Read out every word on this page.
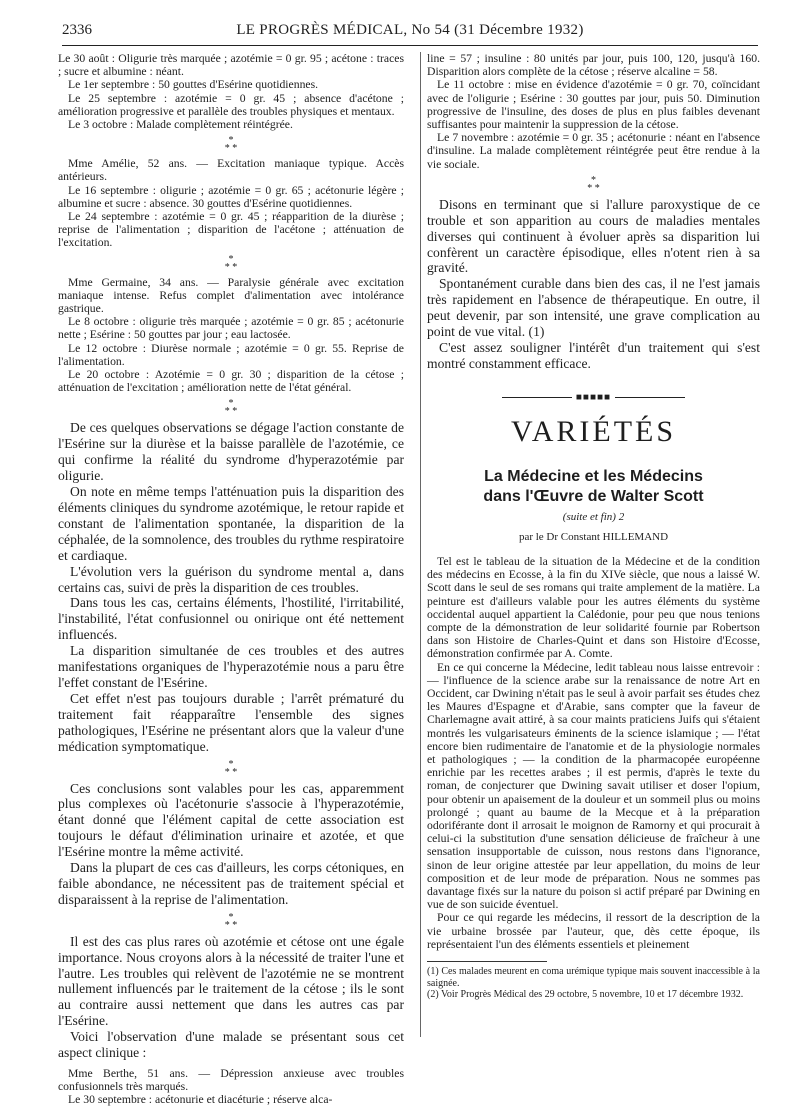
2336	LE PROGRÈS MÉDICAL, No 54 (31 Décembre 1932)

Le 30 août : Oligurie très marquée ; azotémie = 0 gr. 95 ; acétone : traces ; sucre et albumine : néant.

Le 1er septembre : 50 gouttes d'Esérine quotidiennes.

Le 25 septembre : azotémie = 0 gr. 45 ; absence d'acétone ; amélioration progressive et parallèle des troubles physiques et mentaux.

Le 3 octobre : Malade complètement réintégrée.

*
* *

Mme Amélie, 52 ans. — Excitation maniaque typique. Accès antérieurs.

Le 16 septembre : oligurie ; azotémie = 0 gr. 65 ; acétonurie légère ; albumine et sucre : absence. 30 gouttes d'Esérine quotidiennes.

Le 24 septembre : azotémie = 0 gr. 45 ; réapparition de la diurèse ; reprise de l'alimentation ; disparition de l'acétone ; atténuation de l'excitation.

*
* *

Mme Germaine, 34 ans. — Paralysie générale avec excitation maniaque intense. Refus complet d'alimentation avec intolérance gastrique.

Le 8 octobre : oligurie très marquée ; azotémie = 0 gr. 85 ; acétonurie nette ; Esérine : 50 gouttes par jour ; eau lactosée.

Le 12 octobre : Diurèse normale ; azotémie = 0 gr. 55. Reprise de l'alimentation.

Le 20 octobre : Azotémie = 0 gr. 30 ; disparition de la cétose ; atténuation de l'excitation ; amélioration nette de l'état général.

*
* *

De ces quelques observations se dégage l'action constante de l'Esérine sur la diurèse et la baisse parallèle de l'azotémie, ce qui confirme la réalité du syndrome d'hyperazotémie par oligurie.

On note en même temps l'atténuation puis la disparition des éléments cliniques du syndrome azotémique, le retour rapide et constant de l'alimentation spontanée, la disparition de la céphalée, de la somnolence, des troubles du rythme respiratoire et cardiaque.

L'évolution vers la guérison du syndrome mental a, dans certains cas, suivi de près la disparition de ces troubles.

Dans tous les cas, certains éléments, l'hostilité, l'irritabilité, l'instabilité, l'état confusionnel ou onirique ont été nettement influencés.

La disparition simultanée de ces troubles et des autres manifestations organiques de l'hyperazotémie nous a paru être l'effet constant de l'Esérine.

Cet effet n'est pas toujours durable ; l'arrêt prématuré du traitement fait réapparaître l'ensemble des signes pathologiques, l'Esérine ne présentant alors que la valeur d'une médication symptomatique.

*
* *

Ces conclusions sont valables pour les cas, apparemment plus complexes où l'acétonurie s'associe à l'hyperazotémie, étant donné que l'élément capital de cette association est toujours le défaut d'élimination urinaire et azotée, et que l'Esérine montre la même activité.

Dans la plupart de ces cas d'ailleurs, les corps cétoniques, en faible abondance, ne nécessitent pas de traitement spécial et disparaissent à la reprise de l'alimentation.

*
* *

Il est des cas plus rares où azotémie et cétose ont une égale importance. Nous croyons alors à la nécessité de traiter l'une et l'autre. Les troubles qui relèvent de l'azotémie ne se montrent nullement influencés par le traitement de la cétose ; ils le sont au contraire aussi nettement que dans les autres cas par l'Esérine.

Voici l'observation d'une malade se présentant sous cet aspect clinique :

Mme Berthe, 51 ans. — Dépression anxieuse avec troubles confusionnels très marqués.

Le 30 septembre : acétonurie et diacéturie ; réserve alca-

line = 57 ; insuline : 80 unités par jour, puis 100, 120, jusqu'à 160. Disparition alors complète de la cétose ; réserve alcaline = 58.

Le 11 octobre : mise en évidence d'azotémie = 0 gr. 70, coïncidant avec de l'oligurie ; Esérine : 30 gouttes par jour, puis 50. Diminution progressive de l'insuline, des doses de plus en plus faibles devenant suffisantes pour maintenir la suppression de la cétose.

Le 7 novembre : azotémie = 0 gr. 35 ; acétonurie : néant en l'absence d'insuline. La malade complètement réintégrée peut être rendue à la vie sociale.

*
* *

Disons en terminant que si l'allure paroxystique de ce trouble et son apparition au cours de maladies mentales diverses qui continuent à évoluer après sa disparition lui confèrent un caractère épisodique, elles n'otent rien à sa gravité.

Spontanément curable dans bien des cas, il ne l'est jamais très rapidement en l'absence de thérapeutique. En outre, il peut devenir, par son intensité, une grave complication au point de vue vital. (1)

C'est assez souligner l'intérêt d'un traitement qui s'est montré constamment efficace.

■■■■■
VARIÉTÉS
La Médecine et les Médecins
dans l'Œuvre de Walter Scott
(suite et fin) 2
par le Dr Constant HILLEMAND

Tel est le tableau de la situation de la Médecine et de la condition des médecins en Ecosse, à la fin du XIVe siècle, que nous a laissé W. Scott dans le seul de ses romans qui traite amplement de la matière. La peinture est d'ailleurs valable pour les autres éléments du système occidental auquel appartient la Calédonie, pour peu que nous tenions compte de la démonstration de leur solidarité fournie par Robertson dans son Histoire de Charles-Quint et dans son Histoire d'Ecosse, démonstration confirmée par A. Comte.

En ce qui concerne la Médecine, ledit tableau nous laisse entrevoir : — l'influence de la science arabe sur la renaissance de notre Art en Occident, car Dwining n'était pas le seul à avoir parfait ses études chez les Maures d'Espagne et d'Arabie, sans compter que la faveur de Charlemagne avait attiré, à sa cour maints praticiens Juifs qui s'étaient montrés les vulgarisateurs éminents de la science islamique ; — l'état encore bien rudimentaire de l'anatomie et de la physiologie normales et pathologiques ; — la condition de la pharmacopée européenne enrichie par les recettes arabes ; il est permis, d'après le texte du roman, de conjecturer que Dwining savait utiliser et doser l'opium, pour obtenir un apaisement de la douleur et un sommeil plus ou moins prolongé ; quant au baume de la Mecque et à la préparation odoriférante dont il arrosait le moignon de Ramorny et qui procurait à celui-ci la substitution d'une sensation délicieuse de fraîcheur à une sensation insupportable de cuisson, nous restons dans l'ignorance, sinon de leur origine attestée par leur appellation, du moins de leur composition et de leur mode de préparation. Nous ne sommes pas davantage fixés sur la nature du poison si actif préparé par Dwining en vue de son suicide éventuel.

Pour ce qui regarde les médecins, il ressort de la description de la vie urbaine brossée par l'auteur, que, dès cette époque, ils représentaient l'un des éléments essentiels et pleinement

(1) Ces malades meurent en coma urémique typique mais souvent inaccessible à la saignée.

(2) Voir Progrès Médical des 29 octobre, 5 novembre, 10 et 17 décembre 1932.
